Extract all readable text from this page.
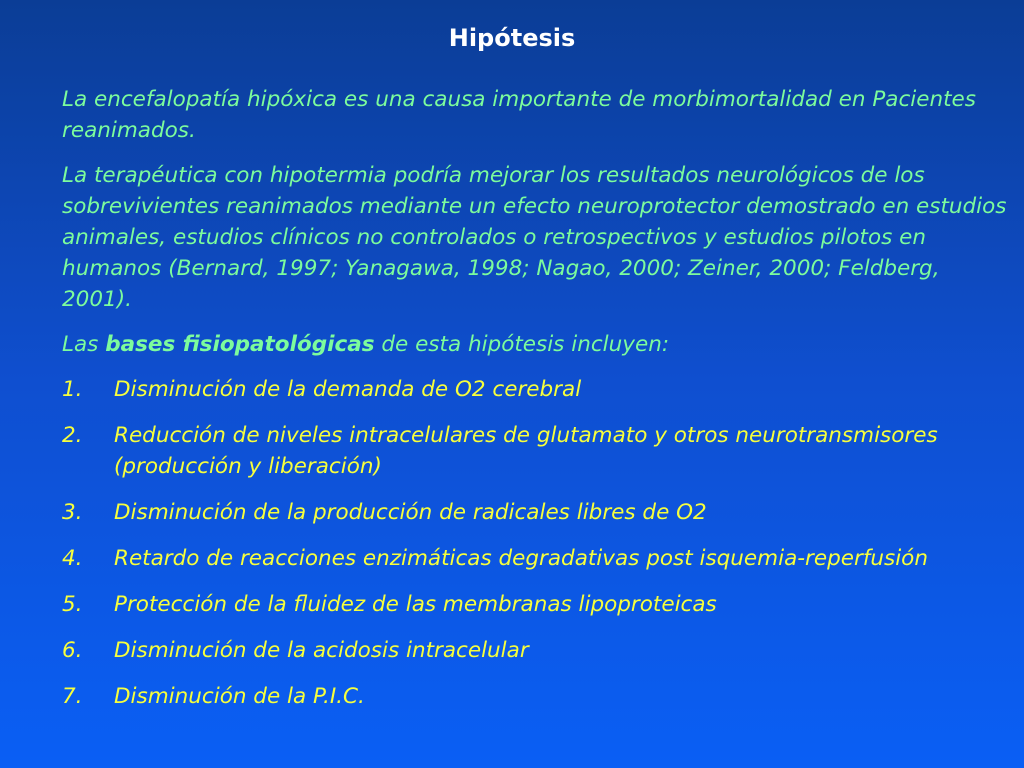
Hipótesis

La encefalopatía hipóxica es una causa importante de morbimortalidad en Pacientes reanimados.

La terapéutica con hipotermia podría mejorar los resultados neurológicos de los sobrevivientes reanimados mediante un efecto neuroprotector demostrado en estudios animales, estudios clínicos no controlados o retrospectivos y estudios pilotos en humanos (Bernard, 1997; Yanagawa, 1998; Nagao, 2000; Zeiner, 2000; Feldberg, 2001).

Las bases fisiopatológicas de esta hipótesis incluyen:

1. Disminución de la demanda de O2 cerebral
2. Reducción de niveles intracelulares de glutamato y otros neurotransmisores (producción y liberación)
3. Disminución de la producción de radicales libres de O2
4. Retardo de reacciones enzimáticas degradativas post isquemia-reperfusión
5. Protección de la fluidez de las membranas lipoproteicas
6. Disminución de la acidosis intracelular
7. Disminución de la P.I.C.
